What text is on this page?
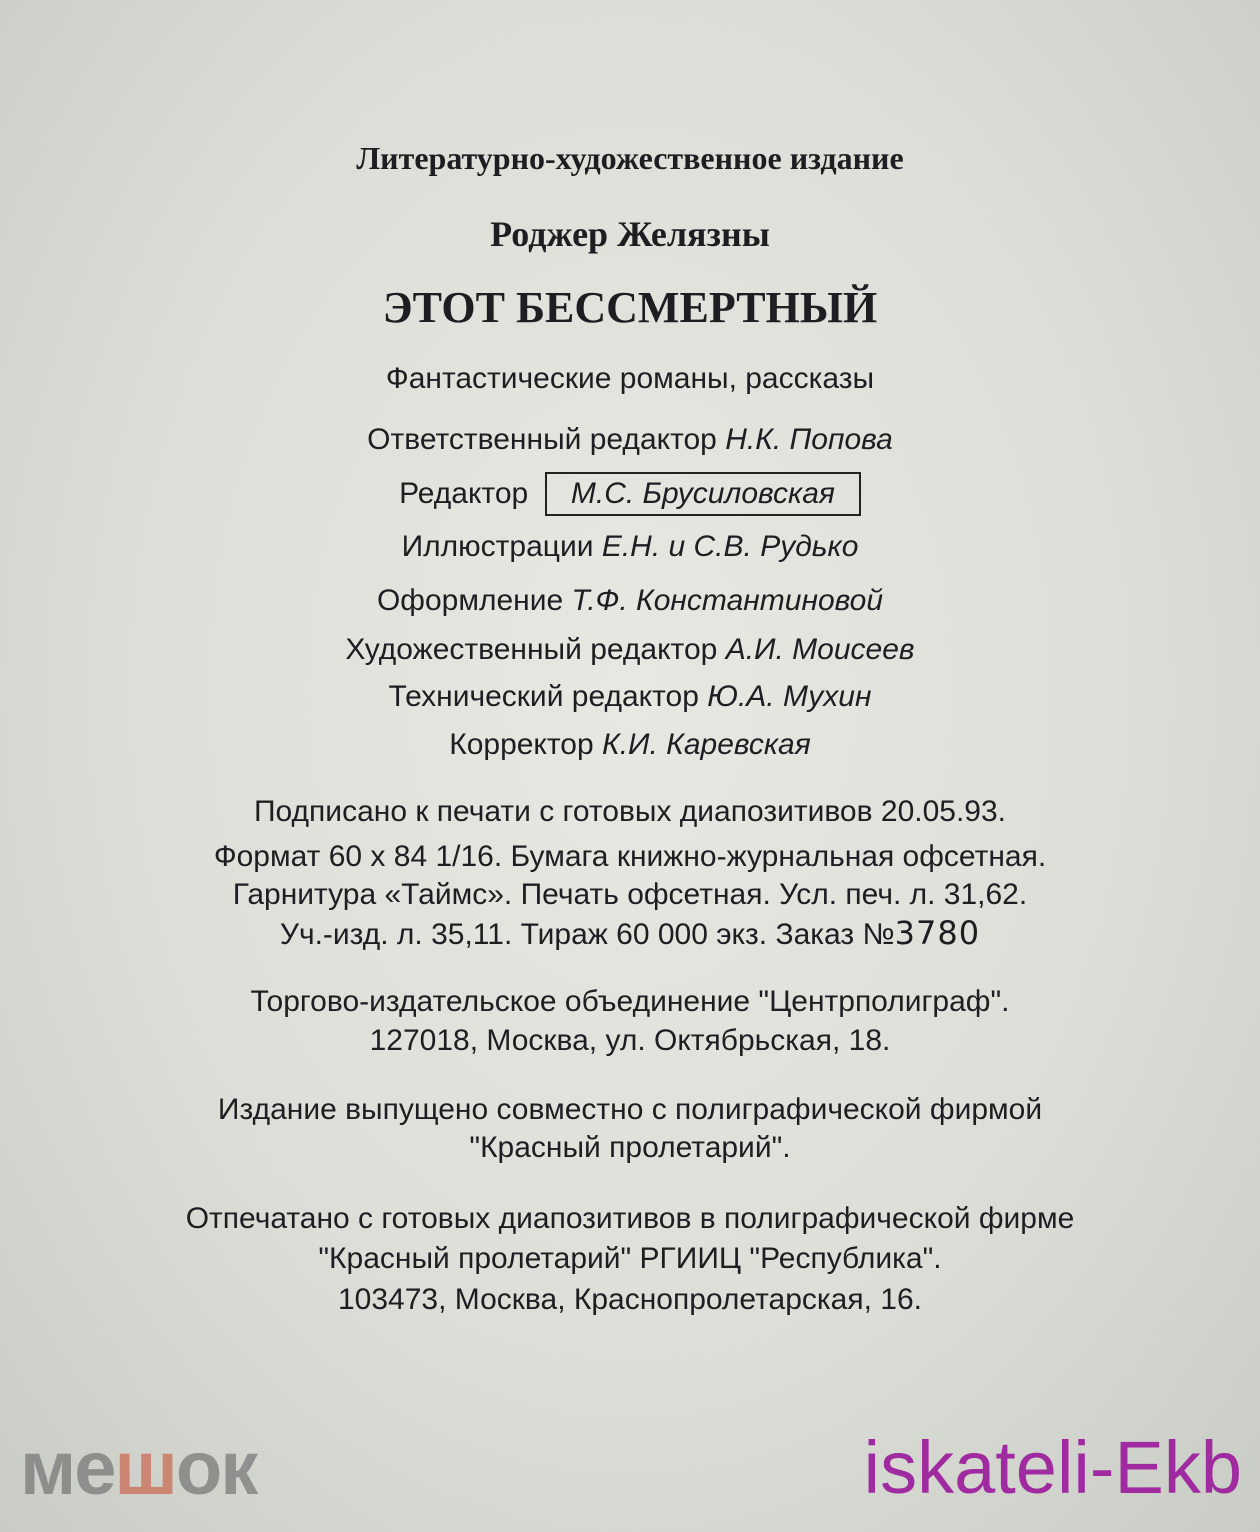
Литературно-художественное издание
Роджер Желязны
ЭТОТ БЕССМЕРТНЫЙ
Фантастические романы, рассказы
Ответственный редактор Н.К. Попова
Редактор М.С. Брусиловская
Иллюстрации Е.Н. и С.В. Рудько
Оформление Т.Ф. Константиновой
Художественный редактор А.И. Моисеев
Технический редактор Ю.А. Мухин
Корректор К.И. Каревская
Подписано к печати с готовых диапозитивов 20.05.93.
Формат 60 x 84 1/16. Бумага книжно-журнальная офсетная.
Гарнитура «Таймс». Печать офсетная. Усл. печ. л. 31,62.
Уч.-изд. л. 35,11. Тираж 60 000 экз. Заказ №3780
Торгово-издательское объединение "Центрполиграф".
127018, Москва, ул. Октябрьская, 18.
Издание выпущено совместно с полиграфической фирмой
"Красный пролетарий".
Отпечатано с готовых диапозитивов в полиграфической фирме
"Красный пролетарий" РГИИЦ "Республика".
103473, Москва, Краснопролетарская, 16.
мешок	iskateli-Ekb
